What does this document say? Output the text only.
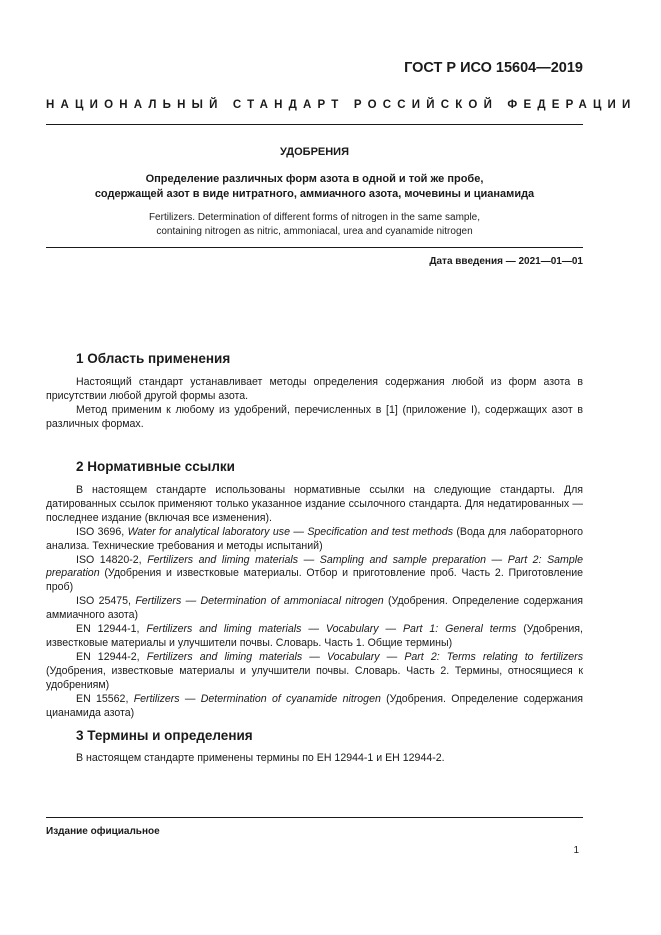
ГОСТ Р ИСО 15604—2019
НАЦИОНАЛЬНЫЙ СТАНДАРТ РОССИЙСКОЙ ФЕДЕРАЦИИ
УДОБРЕНИЯ
Определение различных форм азота в одной и той же пробе,
содержащей азот в виде нитратного, аммиачного азота, мочевины и цианамида
Fertilizers. Determination of different forms of nitrogen in the same sample,
containing nitrogen as nitric, ammoniacal, urea and cyanamide nitrogen
Дата введения — 2021—01—01
1 Область применения

Настоящий стандарт устанавливает методы определения содержания любой из форм азота в присутствии любой другой формы азота.

Метод применим к любому из удобрений, перечисленных в [1] (приложение I), содержащих азот в различных формах.

2 Нормативные ссылки

В настоящем стандарте использованы нормативные ссылки на следующие стандарты. Для датированных ссылок применяют только указанное издание ссылочного стандарта. Для недатированных — последнее издание (включая все изменения).

ISO 3696, Water for analytical laboratory use — Specification and test methods (Вода для лабораторного анализа. Технические требования и методы испытаний)

ISO 14820-2, Fertilizers and liming materials — Sampling and sample preparation — Part 2: Sample preparation (Удобрения и известковые материалы. Отбор и приготовление проб. Часть 2. Приготовление проб)

ISO 25475, Fertilizers — Determination of ammoniacal nitrogen (Удобрения. Определение содержания аммиачного азота)

EN 12944-1, Fertilizers and liming materials — Vocabulary — Part 1: General terms (Удобрения, известковые материалы и улучшители почвы. Словарь. Часть 1. Общие термины)

EN 12944-2, Fertilizers and liming materials — Vocabulary — Part 2: Terms relating to fertilizers (Удобрения, известковые материалы и улучшители почвы. Словарь. Часть 2. Термины, относящиеся к удобрениям)

EN 15562, Fertilizers — Determination of cyanamide nitrogen (Удобрения. Определение содержания цианамида азота)

3 Термины и определения

В настоящем стандарте применены термины по ЕН 12944-1 и ЕН 12944-2.

Издание официальное
1
